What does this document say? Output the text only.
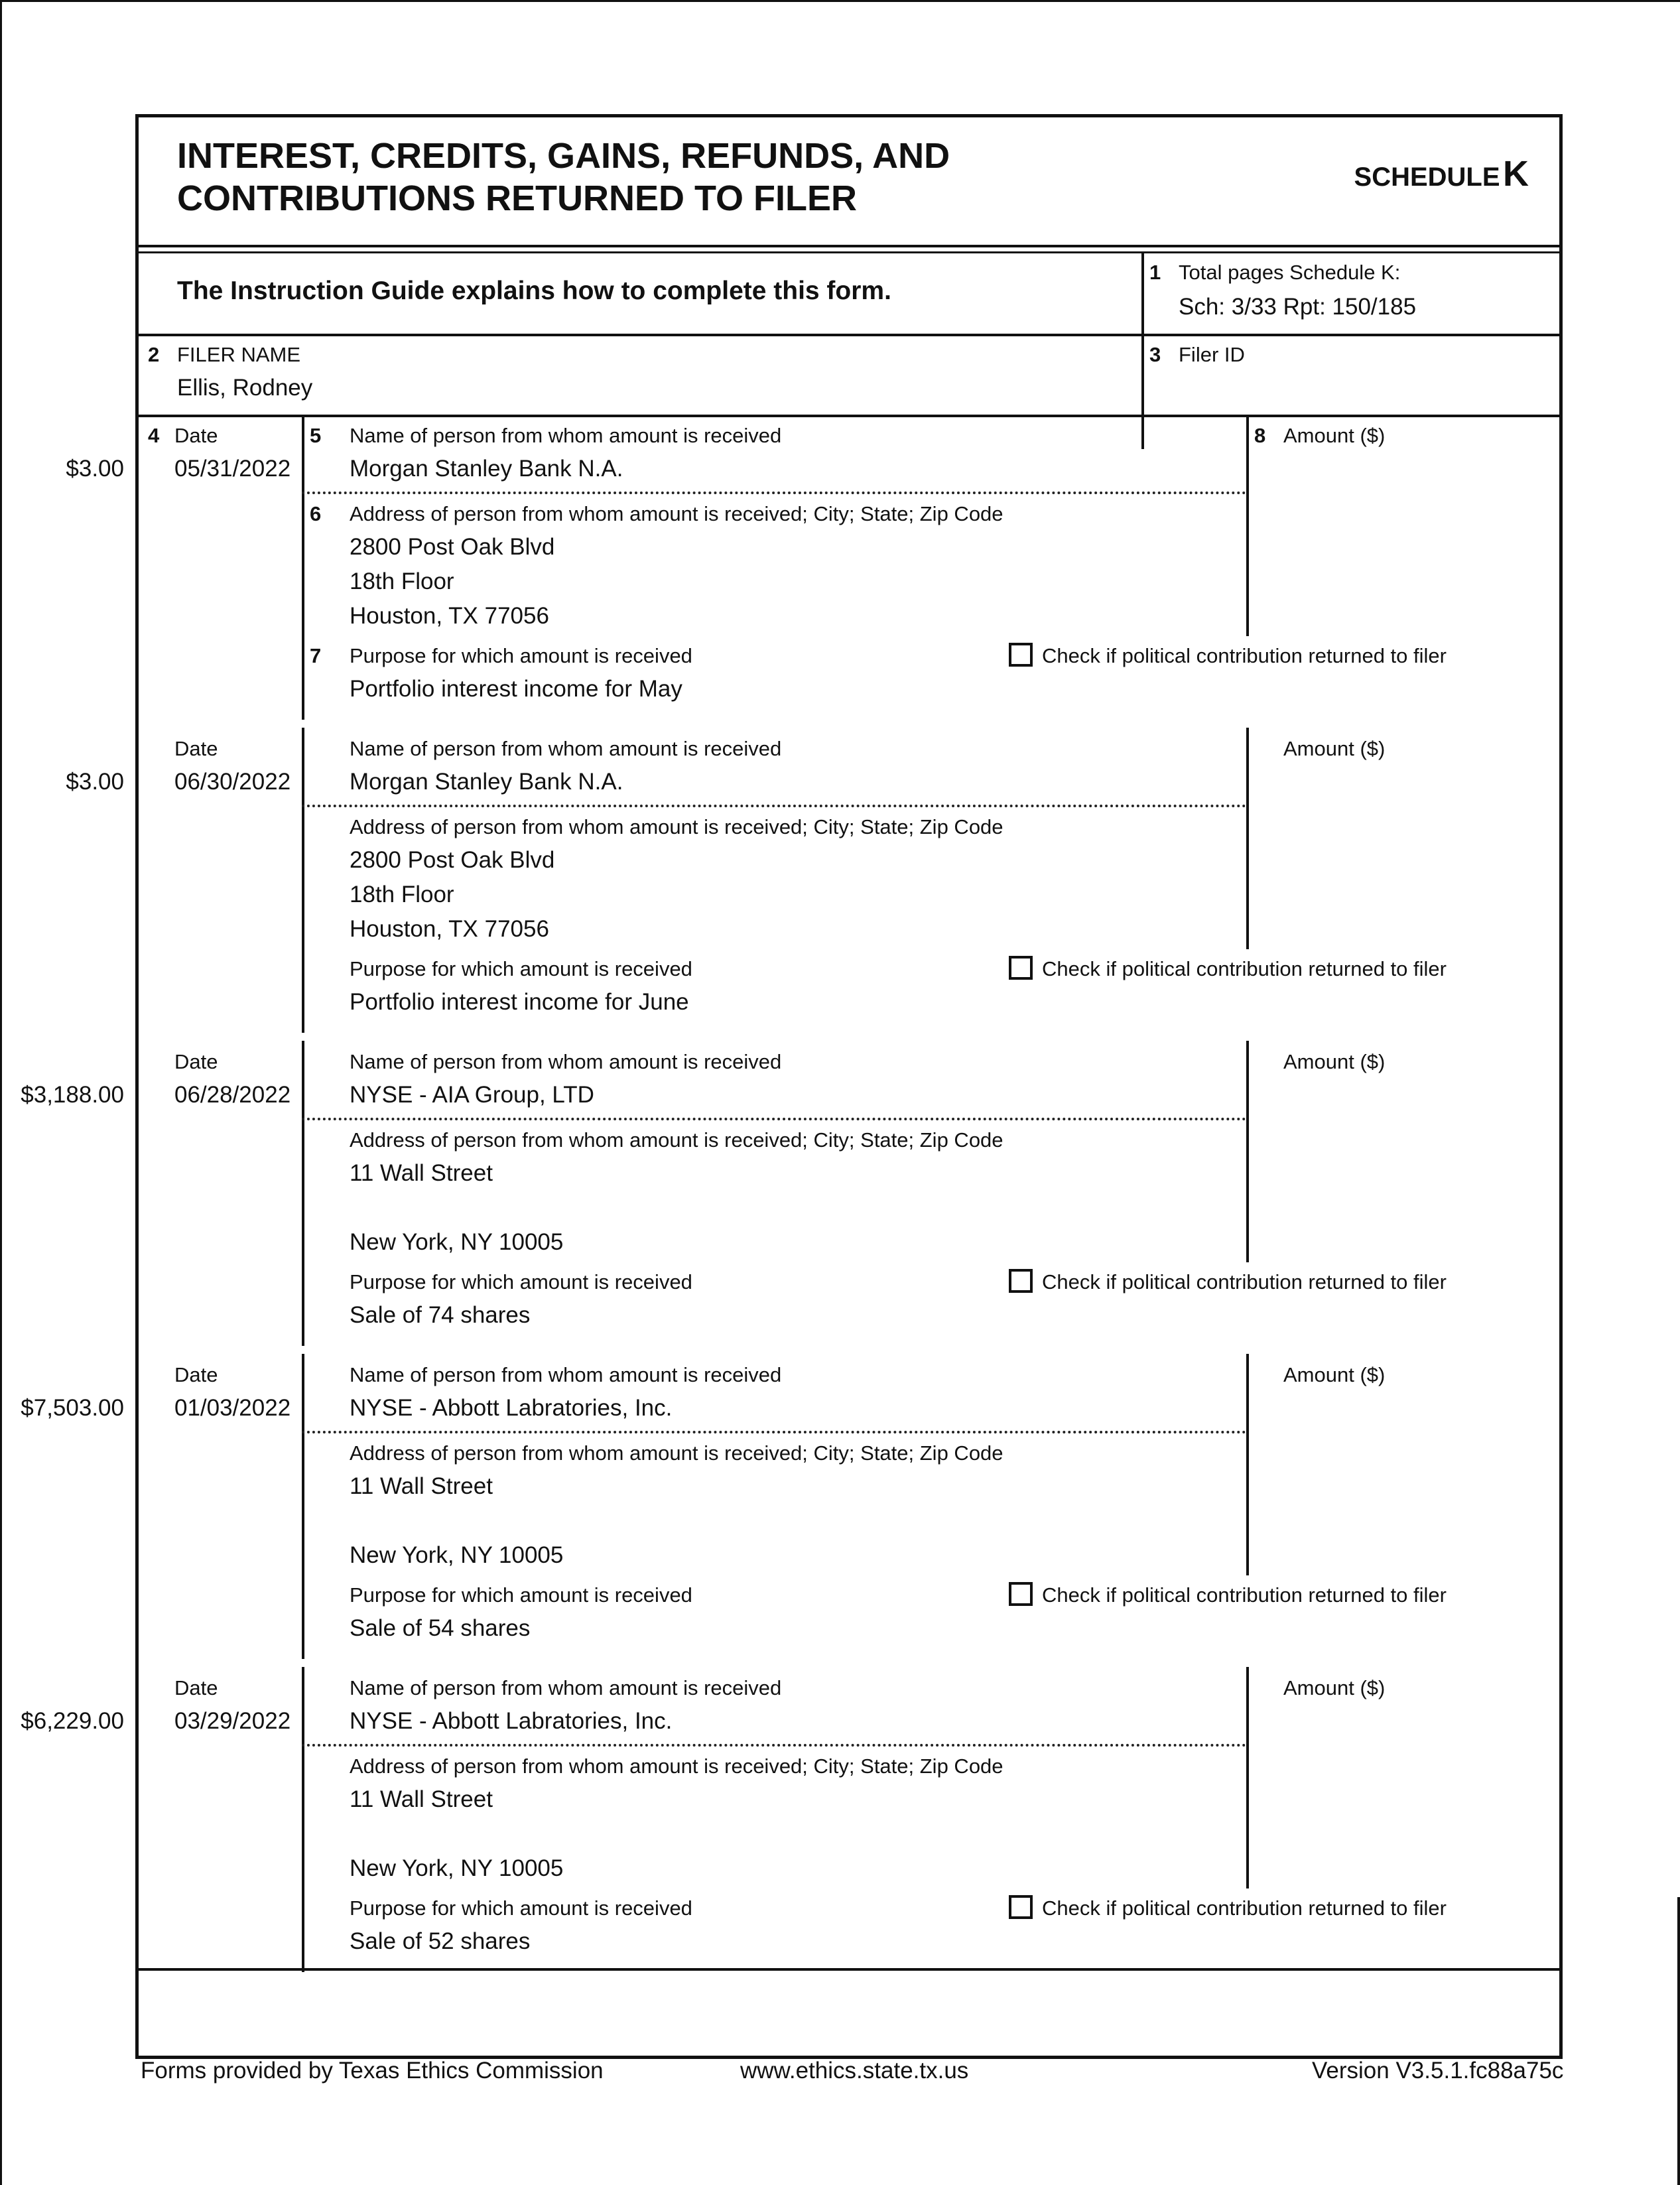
INTEREST, CREDITS, GAINS, REFUNDS, AND
CONTRIBUTIONS RETURNED TO FILER
SCHEDULE K
The Instruction Guide explains how to complete this form.
1 Total pages Schedule K:
Sch: 3/33 Rpt: 150/185
2 FILER NAME
Ellis, Rodney
3 Filer ID
4 Date
05/31/2022
5 Name of person from whom amount is received
Morgan Stanley Bank N.A.
6 Address of person from whom amount is received; City; State; Zip Code
2800 Post Oak Blvd
18th Floor
Houston, TX 77056
8 Amount ($)
$3.00
7 Purpose for which amount is received
Portfolio interest income for May
Check if political contribution returned to filer
Date
06/30/2022
Name of person from whom amount is received
Morgan Stanley Bank N.A.
Address of person from whom amount is received; City; State; Zip Code
2800 Post Oak Blvd
18th Floor
Houston, TX 77056
Amount ($)
$3.00
Purpose for which amount is received
Portfolio interest income for June
Check if political contribution returned to filer
Date
06/28/2022
Name of person from whom amount is received
NYSE - AIA Group, LTD
Address of person from whom amount is received; City; State; Zip Code
11 Wall Street
New York, NY 10005
Amount ($)
$3,188.00
Purpose for which amount is received
Sale of 74 shares
Check if political contribution returned to filer
Date
01/03/2022
Name of person from whom amount is received
NYSE - Abbott Labratories, Inc.
Address of person from whom amount is received; City; State; Zip Code
11 Wall Street
New York, NY 10005
Amount ($)
$7,503.00
Purpose for which amount is received
Sale of 54 shares
Check if political contribution returned to filer
Date
03/29/2022
Name of person from whom amount is received
NYSE - Abbott Labratories, Inc.
Address of person from whom amount is received; City; State; Zip Code
11 Wall Street
New York, NY 10005
Amount ($)
$6,229.00
Purpose for which amount is received
Sale of 52 shares
Check if political contribution returned to filer
Forms provided by Texas Ethics Commission	www.ethics.state.tx.us	Version V3.5.1.fc88a75c
